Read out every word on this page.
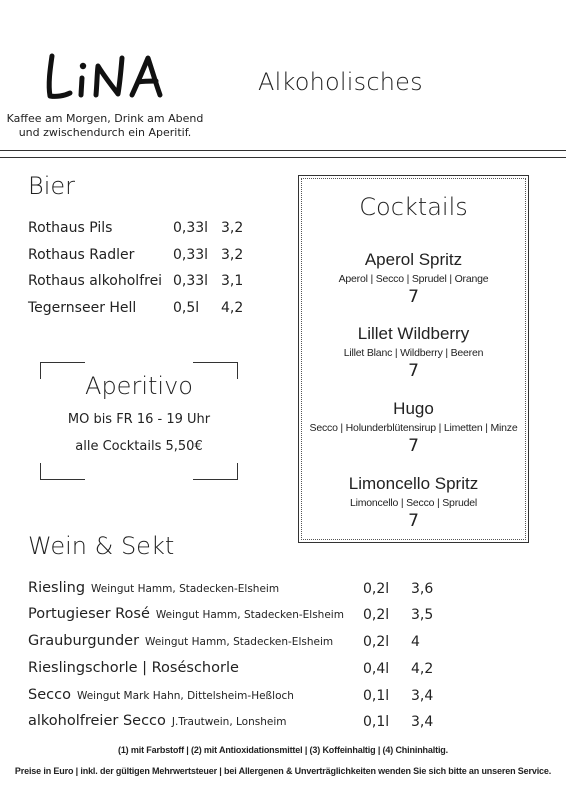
Kaffee am Morgen, Drink am Abend
und zwischendurch ein Aperitif.
Alkoholisches
Bier
Rothaus Pils	0,33l 3,2
Rothaus Radler	0,33l 3,2
Rothaus alkoholfrei 0,33l 3,1
Tegernseer Hell	0,5l 4,2
Aperitivo
MO bis FR 16 - 19 Uhr
alle Cocktails 5,50€
Cocktails
Aperol Spritz
Aperol | Secco | Sprudel | Orange
7
Lillet Wildberry
Lillet Blanc | Wildberry | Beeren
7
Hugo
Secco | Holunderblütensirup | Limetten | Minze
7
Limoncello Spritz
Limoncello | Secco | Sprudel
7
Wein & Sekt
Riesling Weingut Hamm, Stadecken-Elsheim	0,2l 3,6
Portugieser Rosé Weingut Hamm, Stadecken-Elsheim 0,2l 3,5
Grauburgunder Weingut Hamm, Stadecken-Elsheim 0,2l 4
Rieslingschorle | Roséschorle	0,4l 4,2
Secco Weingut Mark Hahn, Dittelsheim-Heßloch	0,1l 3,4
alkoholfreier Secco J.Trautwein, Lonsheim	0,1l 3,4
(1) mit Farbstoff | (2) mit Antioxidationsmittel | (3) Koffeinhaltig | (4) Chininhaltig.
Preise in Euro | inkl. der gültigen Mehrwertsteuer | bei Allergenen & Unverträglichkeiten wenden Sie sich bitte an unseren Service.
